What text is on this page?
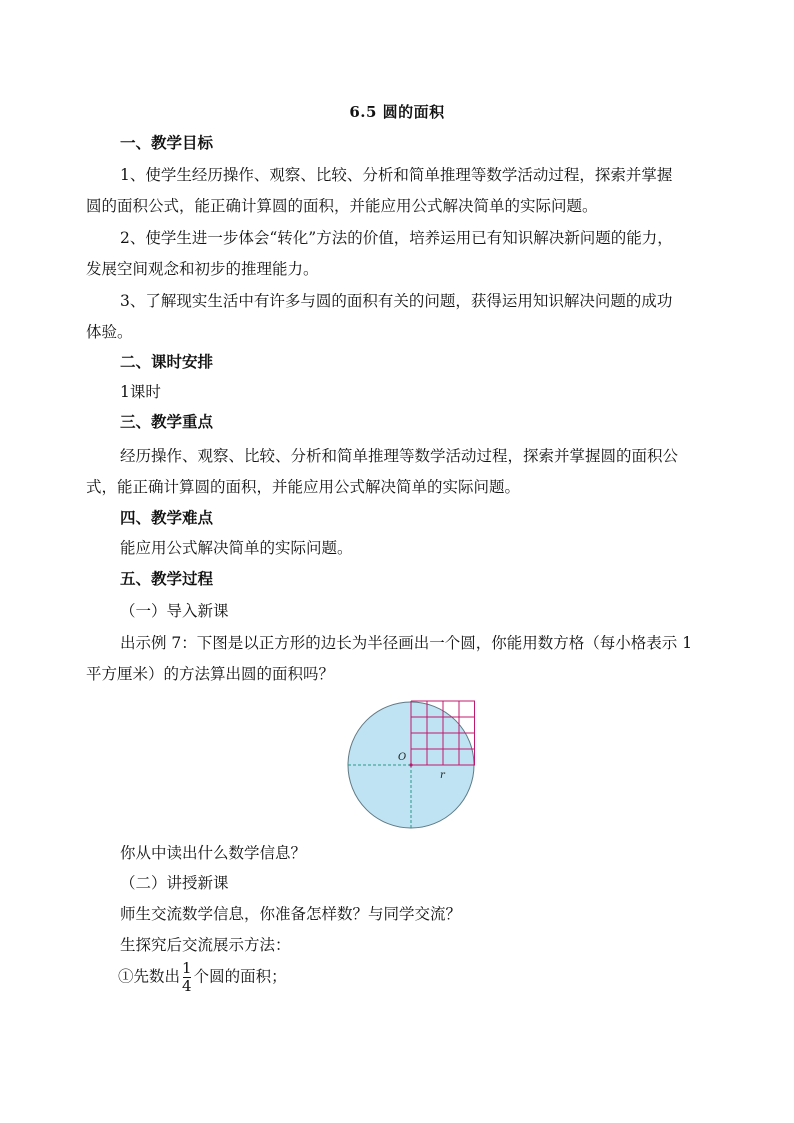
6.5 圆的面积
一、教学目标
1、使学生经历操作、观察、比较、分析和简单推理等数学活动过程，探索并掌握
圆的面积公式，能正确计算圆的面积，并能应用公式解决简单的实际问题。
2、使学生进一步体会“转化”方法的价值，培养运用已有知识解决新问题的能力，
发展空间观念和初步的推理能力。
3、了解现实生活中有许多与圆的面积有关的问题，获得运用知识解决问题的成功
体验。
二、课时安排
1课时
三、教学重点
经历操作、观察、比较、分析和简单推理等数学活动过程，探索并掌握圆的面积公
式，能正确计算圆的面积，并能应用公式解决简单的实际问题。
四、教学难点
能应用公式解决简单的实际问题。
五、教学过程
（一）导入新课
出示例 7：下图是以正方形的边长为半径画出一个圆，你能用数方格（每小格表示 1
平方厘米）的方法算出圆的面积吗？
O
r
你从中读出什么数学信息？
（二）讲授新课
师生交流数学信息，你准备怎样数？与同学交流？
生探究后交流展示方法：
①先数出 $\frac{1}{4}$ 个圆的面积；
